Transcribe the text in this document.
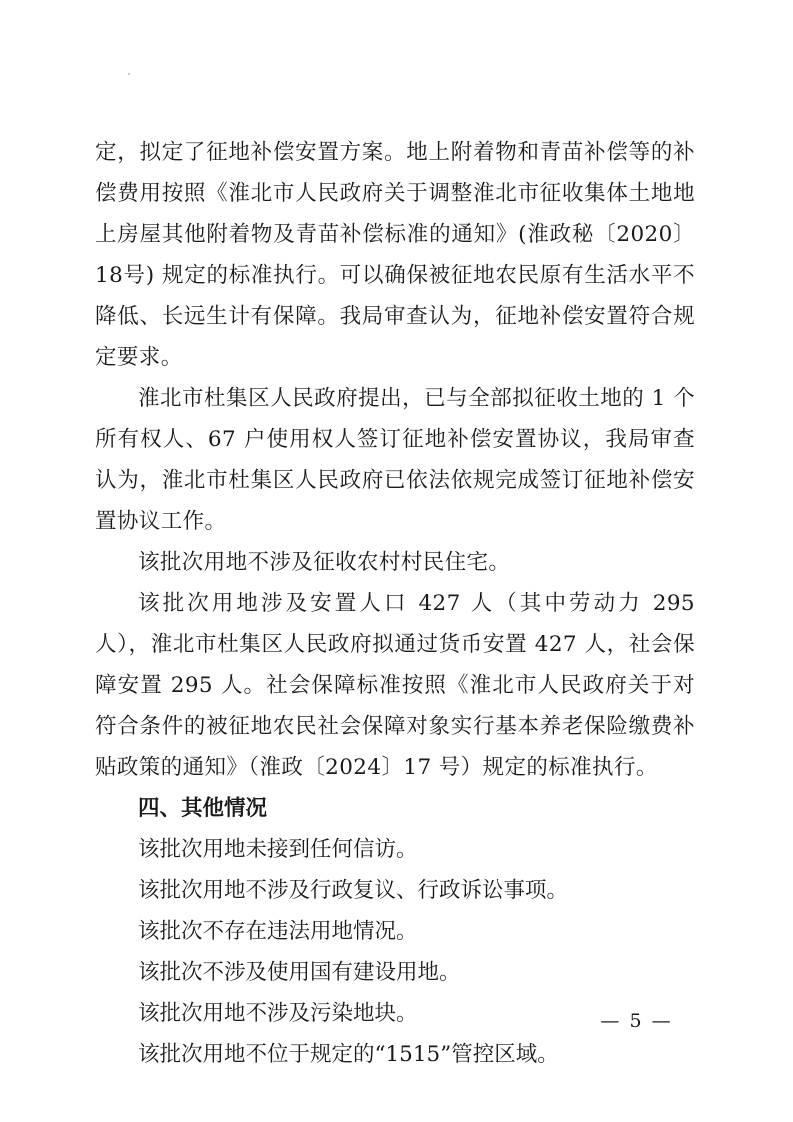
定，拟定了征地补偿安置方案。地上附着物和青苗补偿等的补偿费用按照《淮北市人民政府关于调整淮北市征收集体土地地上房屋其他附着物及青苗补偿标准的通知》(淮政秘〔2020〕18号) 规定的标准执行。可以确保被征地农民原有生活水平不降低、长远生计有保障。我局审查认为，征地补偿安置符合规定要求。

淮北市杜集区人民政府提出，已与全部拟征收土地的 1 个所有权人、67 户使用权人签订征地补偿安置协议，我局审查认为，淮北市杜集区人民政府已依法依规完成签订征地补偿安置协议工作。

该批次用地不涉及征收农村村民住宅。

该批次用地涉及安置人口 427 人（其中劳动力 295 人），淮北市杜集区人民政府拟通过货币安置 427 人，社会保障安置 295 人。社会保障标准按照《淮北市人民政府关于对符合条件的被征地农民社会保障对象实行基本养老保险缴费补贴政策的通知》（淮政〔2024〕17 号）规定的标准执行。

四、其他情况

该批次用地未接到任何信访。

该批次用地不涉及行政复议、行政诉讼事项。

该批次不存在违法用地情况。

该批次不涉及使用国有建设用地。

该批次用地不涉及污染地块。

该批次用地不位于规定的“1515”管控区域。

— 5 —
